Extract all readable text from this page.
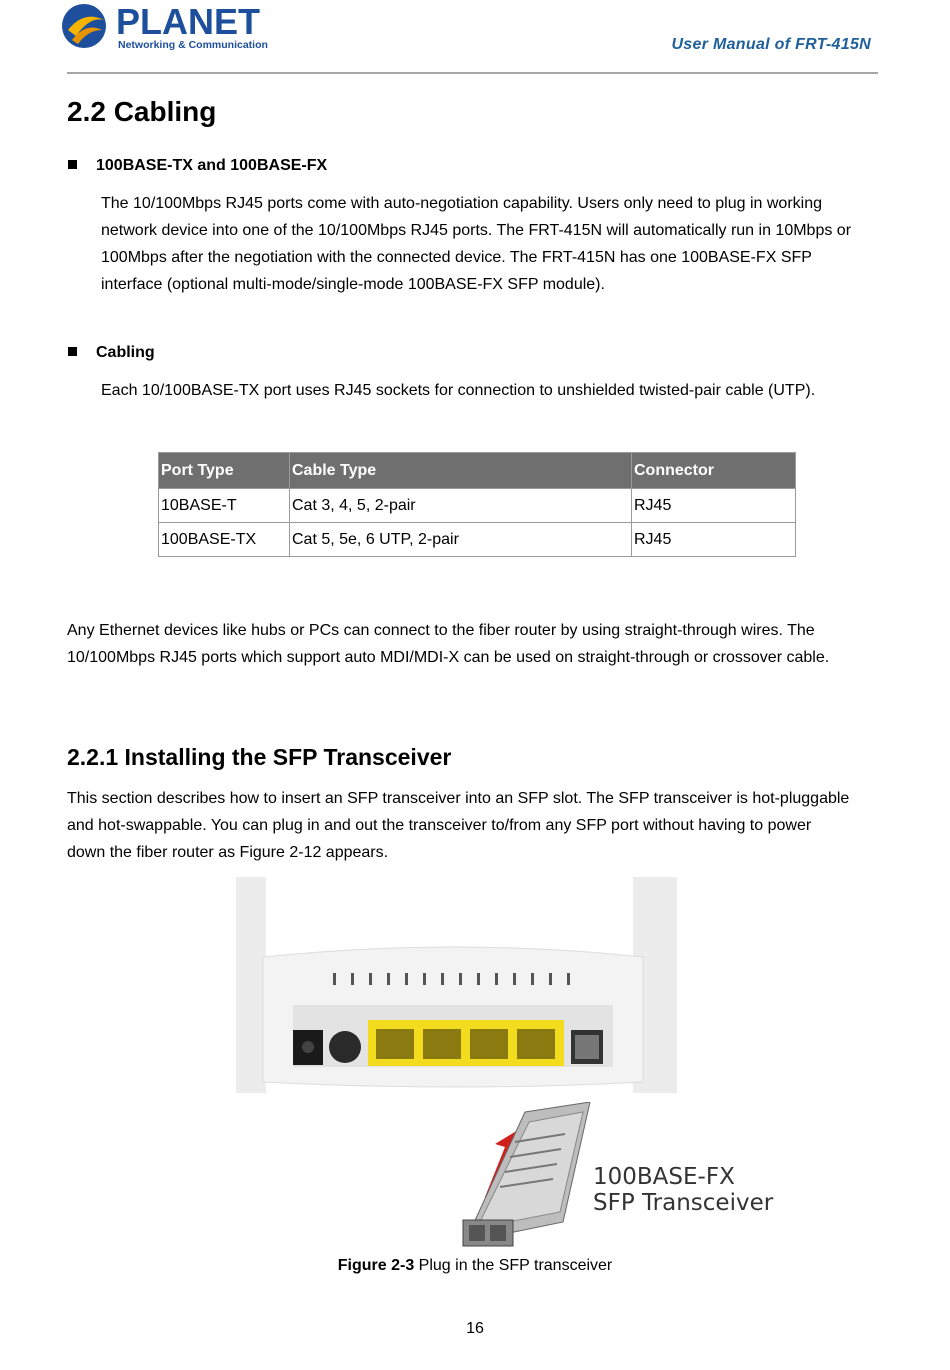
PLANET
Networking & Communication	User Manual of FRT-415N
2.2 Cabling
100BASE-TX and 100BASE-FX
The 10/100Mbps RJ45 ports come with auto-negotiation capability. Users only need to plug in working
network device into one of the 10/100Mbps RJ45 ports. The FRT-415N will automatically run in 10Mbps or
100Mbps after the negotiation with the connected device. The FRT-415N has one 100BASE-FX SFP
interface (optional multi-mode/single-mode 100BASE-FX SFP module).
Cabling
Each 10/100BASE-TX port uses RJ45 sockets for connection to unshielded twisted-pair cable (UTP).
Port Type	Cable Type	Connector
10BASE-T	Cat 3, 4, 5, 2-pair	RJ45
100BASE-TX	Cat 5, 5e, 6 UTP, 2-pair	RJ45
Any Ethernet devices like hubs or PCs can connect to the fiber router by using straight-through wires. The
10/100Mbps RJ45 ports which support auto MDI/MDI-X can be used on straight-through or crossover cable.
2.2.1 Installing the SFP Transceiver
This section describes how to insert an SFP transceiver into an SFP slot. The SFP transceiver is hot-pluggable
and hot-swappable. You can plug in and out the transceiver to/from any SFP port without having to power
down the fiber router as Figure 2-12 appears.
100BASE-FX
SFP Transceiver
Figure 2-3 Plug in the SFP transceiver
16
